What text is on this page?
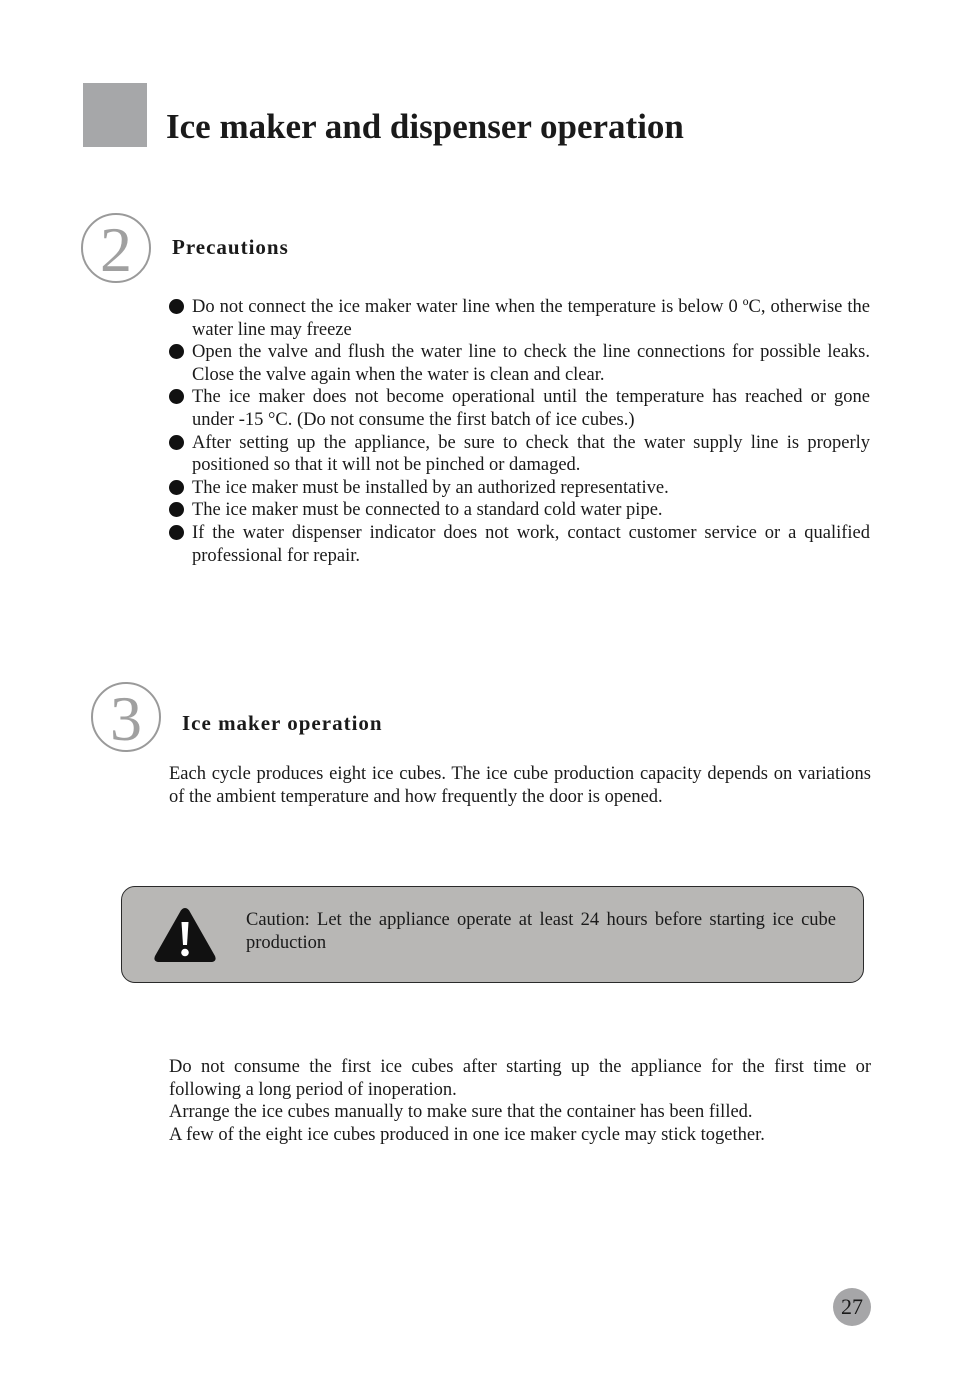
Ice maker and dispenser operation
2 Precautions
Do not connect the ice maker water line when the temperature is below 0 ºC, otherwise the water line may freeze
Open the valve and flush the water line to check the line connections for possible leaks. Close the valve again when the water is clean and clear.
The ice maker does not become operational until the temperature has reached or gone under -15 °C. (Do not consume the first batch of ice cubes.)
After setting up the appliance, be sure to check that the water supply line is properly positioned so that it will not be pinched or damaged.
The ice maker must be installed by an authorized representative.
The ice maker must be connected to a standard cold water pipe.
If the water dispenser indicator does not work, contact customer service or a qualified professional for repair.
3 Ice maker operation

Each cycle produces eight ice cubes. The ice cube production capacity depends on variations of the ambient temperature and how frequently the door is opened.

Caution: Let the appliance operate at least 24 hours before starting ice cube production

Do not consume the first ice cubes after starting up the appliance for the first time or following a long period of inoperation.

Arrange the ice cubes manually to make sure that the container has been filled.

A few of the eight ice cubes produced in one ice maker cycle may stick together.

27
